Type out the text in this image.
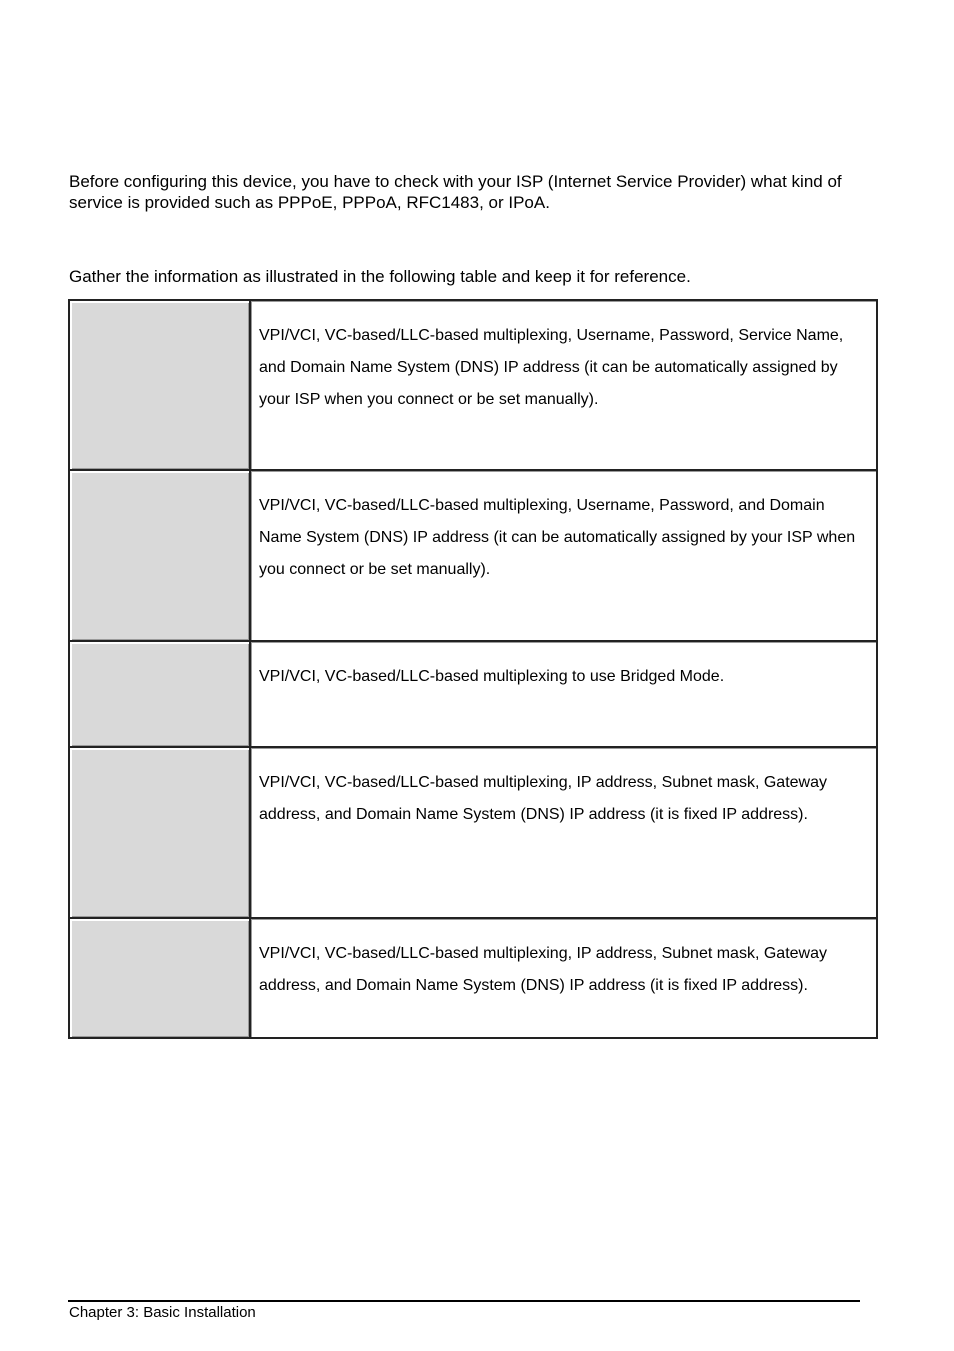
Before configuring this device, you have to check with your ISP (Internet Service Provider) what kind of service is provided such as PPPoE, PPPoA, RFC1483, or IPoA.

Gather the information as illustrated in the following table and keep it for reference.

	VPI/VCI, VC-based/LLC-based multiplexing, Username, Password, Service Name, and Domain Name System (DNS) IP address (it can be automatically assigned by your ISP when you connect or be set manually).

	VPI/VCI, VC-based/LLC-based multiplexing, Username, Password, and Domain Name System (DNS) IP address (it can be automatically assigned by your ISP when you connect or be set manually).

	VPI/VCI, VC-based/LLC-based multiplexing to use Bridged Mode.

	VPI/VCI, VC-based/LLC-based multiplexing, IP address, Subnet mask, Gateway address, and Domain Name System (DNS) IP address (it is fixed IP address).

	VPI/VCI, VC-based/LLC-based multiplexing, IP address, Subnet mask, Gateway address, and Domain Name System (DNS) IP address (it is fixed IP address).
Chapter 3: Basic Installation
